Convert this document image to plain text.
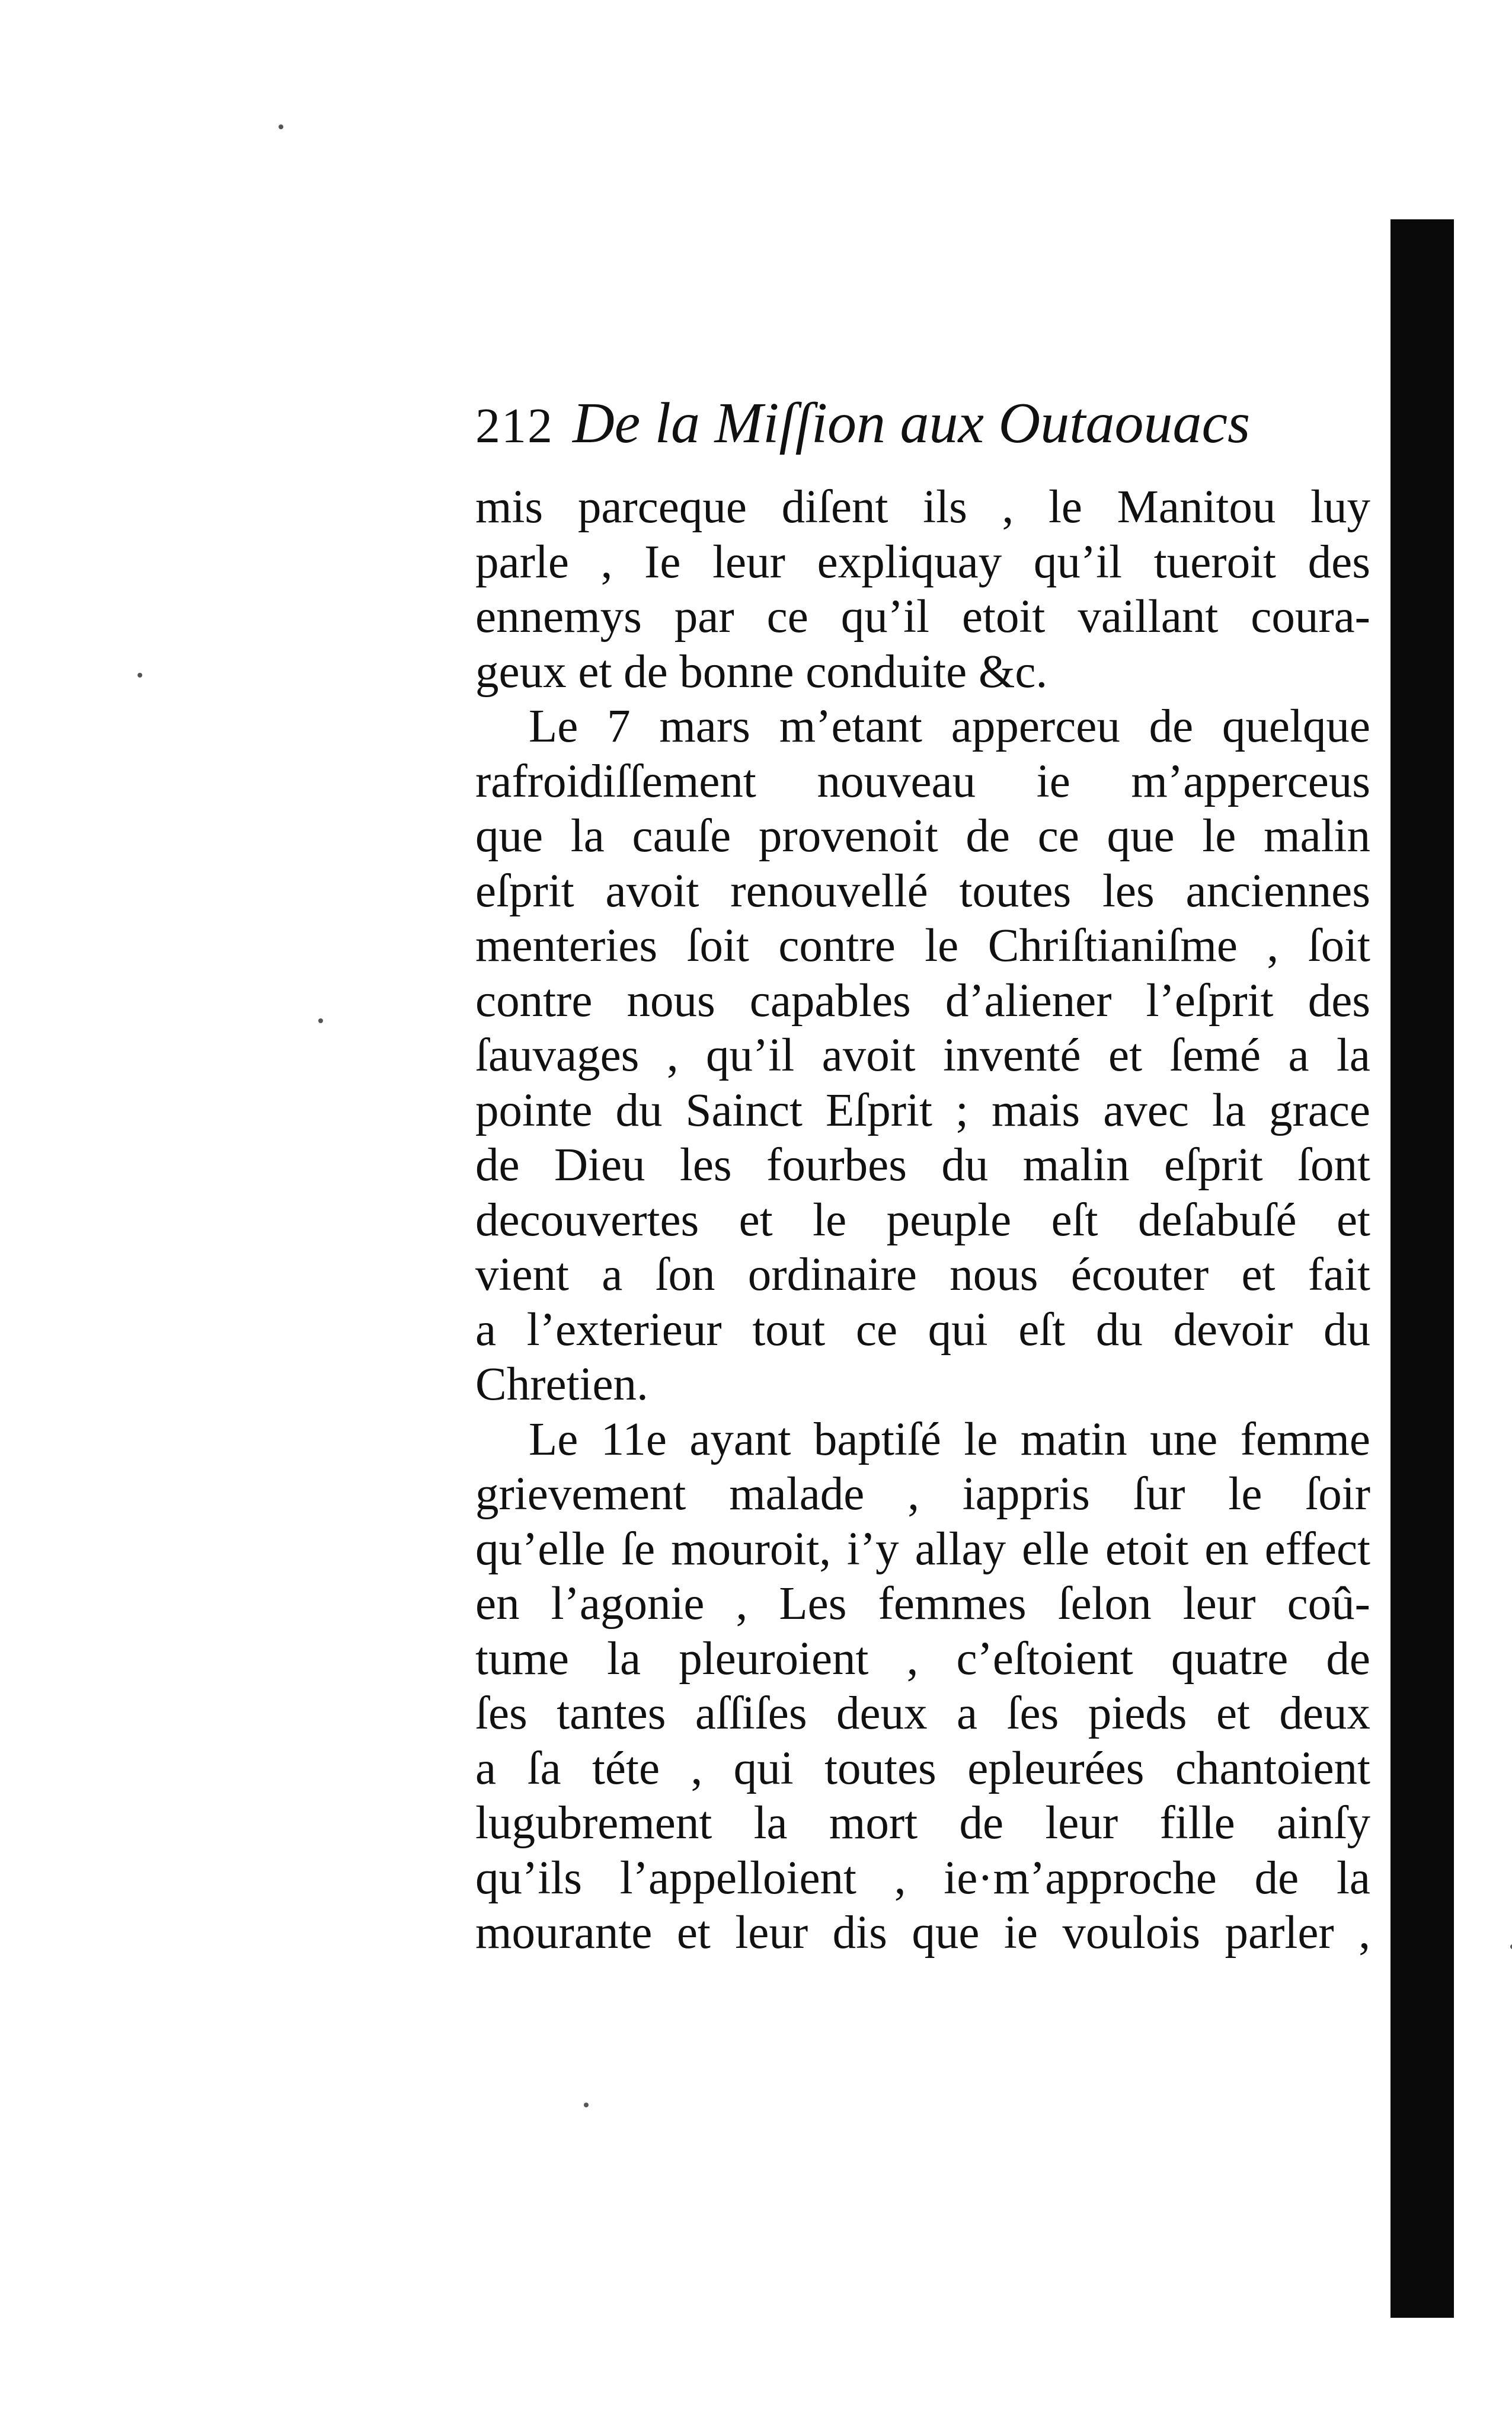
212 De la Miſſion aux Outaouacs
mis parceque diſent ils , le Manitou luy
parle , Ie leur expliquay qu’il tueroit des
ennemys par ce qu’il etoit vaillant coura-
geux et de bonne conduite &c.
Le 7 mars m’etant apperceu de quelque
rafroidiſſement nouveau ie m’apperceus
que la cauſe provenoit de ce que le malin
eſprit avoit renouvellé toutes les anciennes
menteries ſoit contre le Chriſtianiſme , ſoit
contre nous capables d’aliener l’eſprit des
ſauvages , qu’il avoit inventé et ſemé a la
pointe du Sainct Eſprit ; mais avec la grace
de Dieu les fourbes du malin eſprit ſont
decouvertes et le peuple eſt deſabuſé et
vient a ſon ordinaire nous écouter et fait
a l’exterieur tout ce qui eſt du devoir du
Chretien.
Le 11e ayant baptiſé le matin une femme
grievement malade , iappris ſur le ſoir
qu’elle ſe mouroit, i’y allay elle etoit en effect
en l’agonie , Les femmes ſelon leur coû-
tume la pleuroient , c’eſtoient quatre de
ſes tantes aſſiſes deux a ſes pieds et deux
a ſa téte , qui toutes epleurées chantoient
lugubrement la mort de leur fille ainſy
qu’ils l’appelloient , ie·m’approche de la
mourante et leur dis que ie voulois parler ,
